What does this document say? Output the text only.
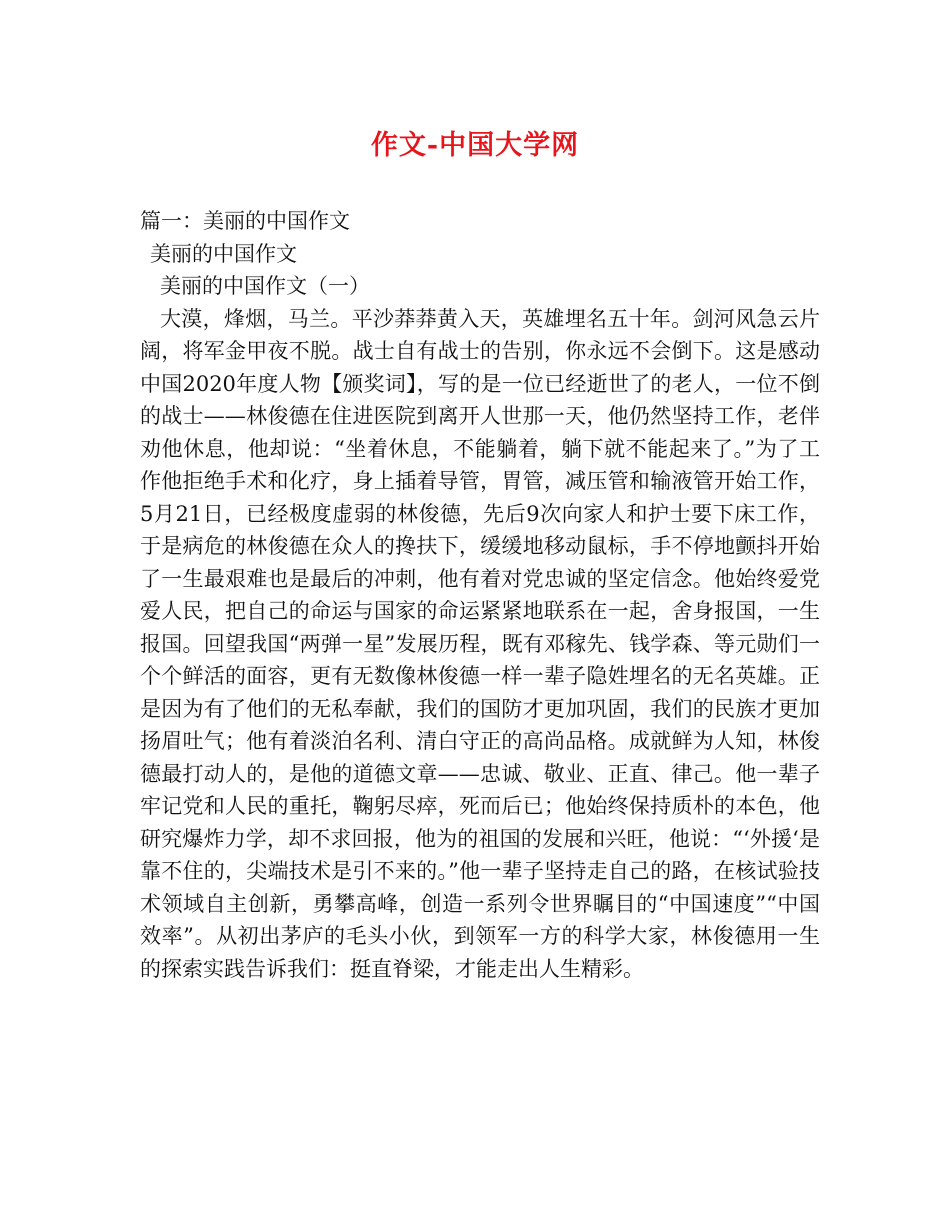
作文-中国大学网

篇一：美丽的中国作文

美丽的中国作文

美丽的中国作文（一）

大漠，烽烟，马兰。平沙莽莽黄入天，英雄埋名五十年。剑河风急云片阔，将军金甲夜不脱。战士自有战士的告别，你永远不会倒下。这是感动中国2020年度人物【颁奖词】，写的是一位已经逝世了的老人，一位不倒的战士——林俊德在住进医院到离开人世那一天，他仍然坚持工作，老伴劝他休息，他却说：“坐着休息，不能躺着，躺下就不能起来了。”为了工作他拒绝手术和化疗，身上插着导管，胃管，减压管和输液管开始工作，5月21日，已经极度虚弱的林俊德，先后9次向家人和护士要下床工作，于是病危的林俊德在众人的搀扶下，缓缓地移动鼠标，手不停地颤抖开始了一生最艰难也是最后的冲刺，他有着对党忠诚的坚定信念。他始终爱党爱人民，把自己的命运与国家的命运紧紧地联系在一起，舍身报国，一生报国。回望我国“两弹一星”发展历程，既有邓稼先、钱学森、等元勋们一个个鲜活的面容，更有无数像林俊德一样一辈子隐姓埋名的无名英雄。正是因为有了他们的无私奉献，我们的国防才更加巩固，我们的民族才更加扬眉吐气；他有着淡泊名利、清白守正的高尚品格。成就鲜为人知，林俊德最打动人的，是他的道德文章——忠诚、敬业、正直、律己。他一辈子牢记党和人民的重托，鞠躬尽瘁，死而后已；他始终保持质朴的本色，他研究爆炸力学，却不求回报，他为的祖国的发展和兴旺，他说：“‘外援‘是靠不住的，尖端技术是引不来的。”他一辈子坚持走自己的路，在核试验技术领域自主创新，勇攀高峰，创造一系列令世界瞩目的“中国速度”“中国效率”。从初出茅庐的毛头小伙，到领军一方的科学大家，林俊德用一生的探索实践告诉我们：挺直脊梁，才能走出人生精彩。
